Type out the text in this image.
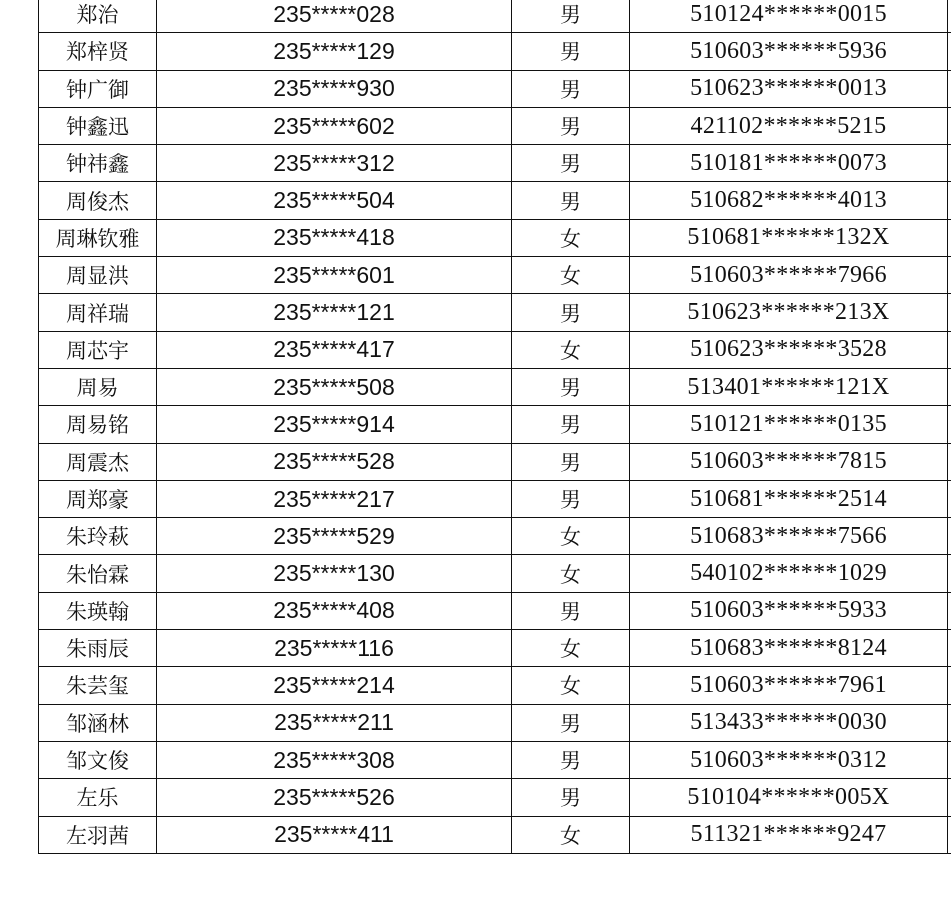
郑治	235*****028	男	510124******0015	
郑梓贤	235*****129	男	510603******5936	
钟广御	235*****930	男	510623******0013	
钟鑫迅	235*****602	男	421102******5215	
钟祎鑫	235*****312	男	510181******0073	
周俊杰	235*****504	男	510682******4013	
周琳钦雅	235*****418	女	510681******132X	
周显洪	235*****601	女	510603******7966	
周祥瑞	235*****121	男	510623******213X	
周芯宇	235*****417	女	510623******3528	
周易	235*****508	男	513401******121X	
周易铭	235*****914	男	510121******0135	
周震杰	235*****528	男	510603******7815	
周郑豪	235*****217	男	510681******2514	
朱玲萩	235*****529	女	510683******7566	
朱怡霖	235*****130	女	540102******1029	
朱瑛翰	235*****408	男	510603******5933	
朱雨辰	235*****116	女	510683******8124	
朱芸玺	235*****214	女	510603******7961	
邹涵林	235*****211	男	513433******0030	
邹文俊	235*****308	男	510603******0312	
左乐	235*****526	男	510104******005X	
左羽茜	235*****411	女	511321******9247	
